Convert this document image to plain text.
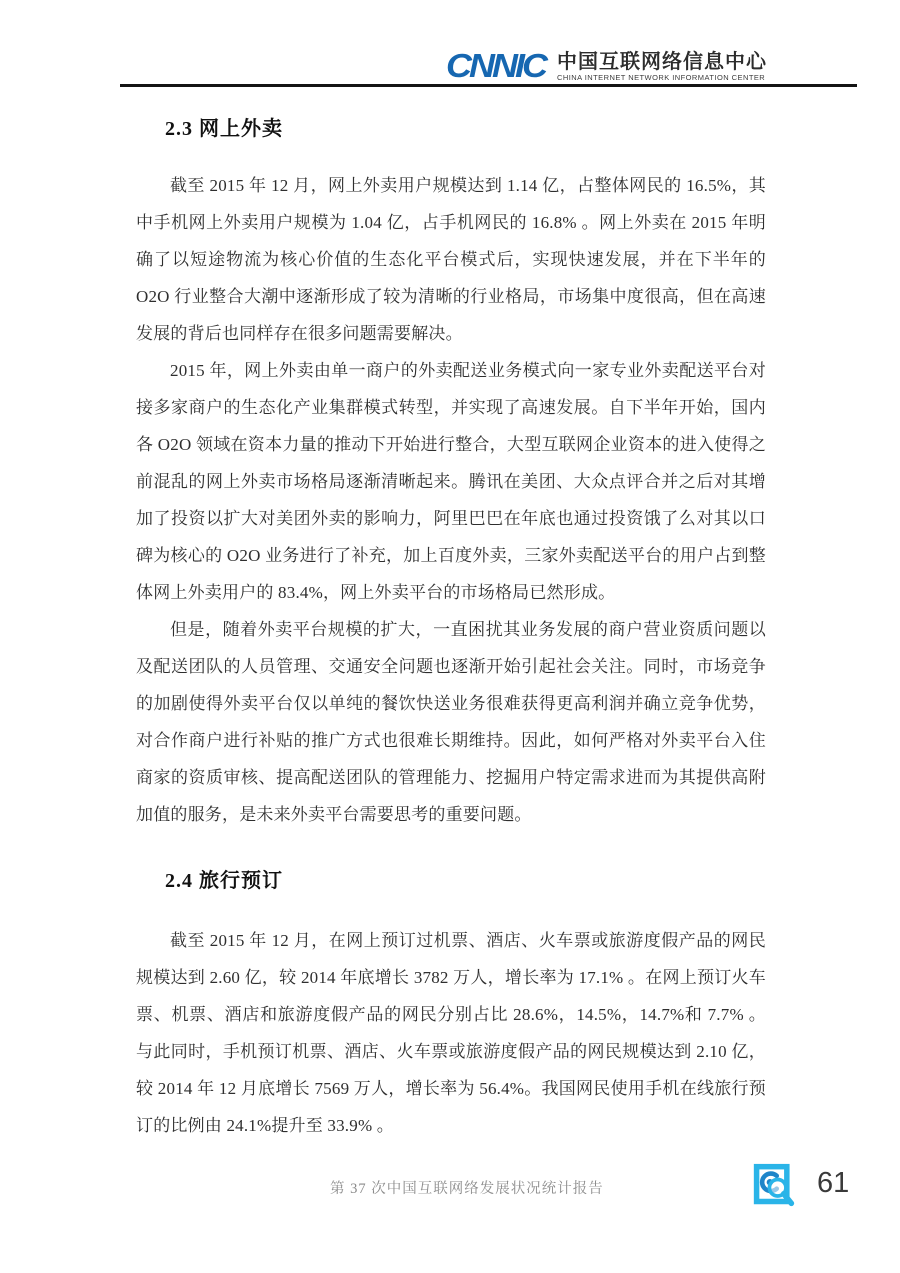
CNNIC 中国互联网络信息中心
CHINA INTERNET NETWORK INFORMATION CENTER
2.3 网上外卖

截至 2015 年 12 月，网上外卖用户规模达到 1.14 亿，占整体网民的 16.5%，其中手机网上外卖用户规模为 1.04 亿，占手机网民的 16.8% 。网上外卖在 2015 年明确了以短途物流为核心价值的生态化平台模式后，实现快速发展，并在下半年的 O2O 行业整合大潮中逐渐形成了较为清晰的行业格局，市场集中度很高，但在高速发展的背后也同样存在很多问题需要解决。

2015 年，网上外卖由单一商户的外卖配送业务模式向一家专业外卖配送平台对接多家商户的生态化产业集群模式转型，并实现了高速发展。自下半年开始，国内各 O2O 领域在资本力量的推动下开始进行整合，大型互联网企业资本的进入使得之前混乱的网上外卖市场格局逐渐清晰起来。腾讯在美团、大众点评合并之后对其增加了投资以扩大对美团外卖的影响力，阿里巴巴在年底也通过投资饿了么对其以口碑为核心的 O2O 业务进行了补充，加上百度外卖，三家外卖配送平台的用户占到整体网上外卖用户的 83.4%，网上外卖平台的市场格局已然形成。

但是，随着外卖平台规模的扩大，一直困扰其业务发展的商户营业资质问题以及配送团队的人员管理、交通安全问题也逐渐开始引起社会关注。同时，市场竞争的加剧使得外卖平台仅以单纯的餐饮快送业务很难获得更高利润并确立竞争优势，对合作商户进行补贴的推广方式也很难长期维持。因此，如何严格对外卖平台入住商家的资质审核、提高配送团队的管理能力、挖掘用户特定需求进而为其提供高附加值的服务，是未来外卖平台需要思考的重要问题。

2.4 旅行预订

截至 2015 年 12 月，在网上预订过机票、酒店、火车票或旅游度假产品的网民规模达到 2.60 亿，较 2014 年底增长 3782 万人，增长率为 17.1% 。在网上预订火车票、机票、酒店和旅游度假产品的网民分别占比 28.6%，14.5%，14.7%和 7.7% 。与此同时，手机预订机票、酒店、火车票或旅游度假产品的网民规模达到 2.10 亿，较 2014 年 12 月底增长 7569 万人，增长率为 56.4%。我国网民使用手机在线旅行预订的比例由 24.1%提升至 33.9% 。

第 37 次中国互联网络发展状况统计报告	61
